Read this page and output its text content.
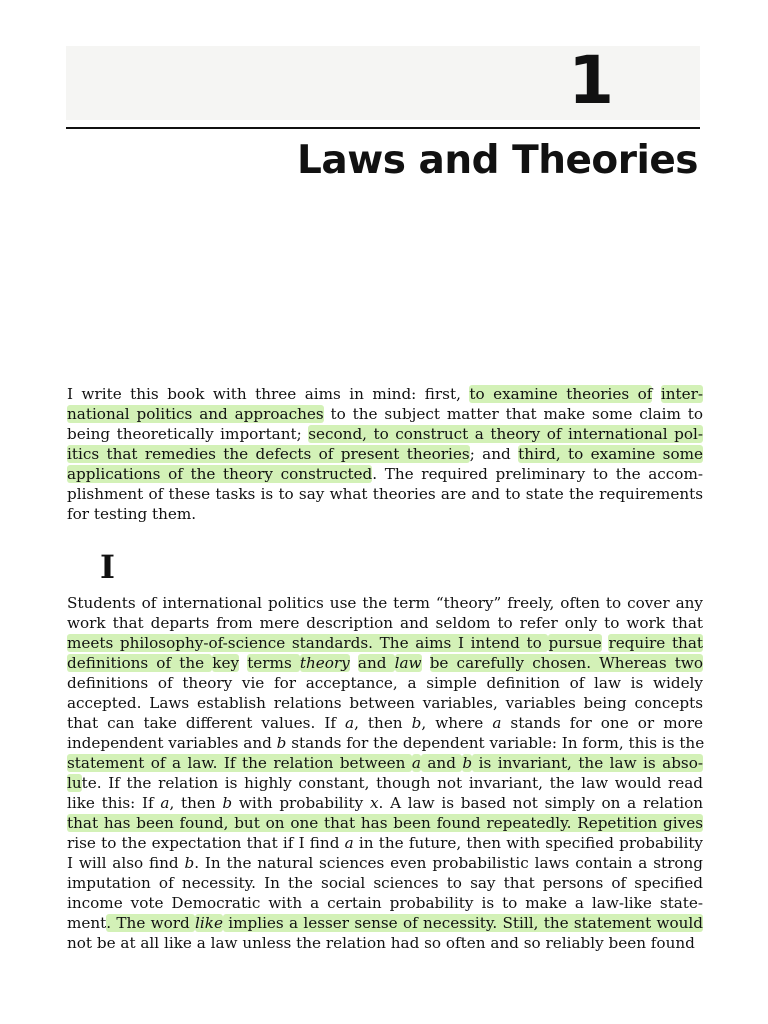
1
Laws and Theories
I write this book with three aims in mind: first, to examine theories of inter-
national politics and approaches to the subject matter that make some claim to
being theoretically important; second, to construct a theory of international pol-
itics that remedies the defects of present theories; and third, to examine some
applications of the theory constructed. The required preliminary to the accom-
plishment of these tasks is to say what theories are and to state the requirements
for testing them.
I
Students of international politics use the term “theory” freely, often to cover any
work that departs from mere description and seldom to refer only to work that
meets philosophy-of-science standards. The aims I intend to pursue require that
definitions of the key terms theory and law be carefully chosen. Whereas two
definitions of theory vie for acceptance, a simple definition of law is widely
accepted. Laws establish relations between variables, variables being concepts
that can take different values. If a, then b, where a stands for one or more
independent variables and b stands for the dependent variable: In form, this is the
statement of a law. If the relation between a and b is invariant, the law is abso-
lute. If the relation is highly constant, though not invariant, the law would read
like this: If a, then b with probability x. A law is based not simply on a relation
that has been found, but on one that has been found repeatedly. Repetition gives
rise to the expectation that if I find a in the future, then with specified probability
I will also find b. In the natural sciences even probabilistic laws contain a strong
imputation of necessity. In the social sciences to say that persons of specified
income vote Democratic with a certain probability is to make a law-like state-
ment. The word like implies a lesser sense of necessity. Still, the statement would
not be at all like a law unless the relation had so often and so reliably been found
